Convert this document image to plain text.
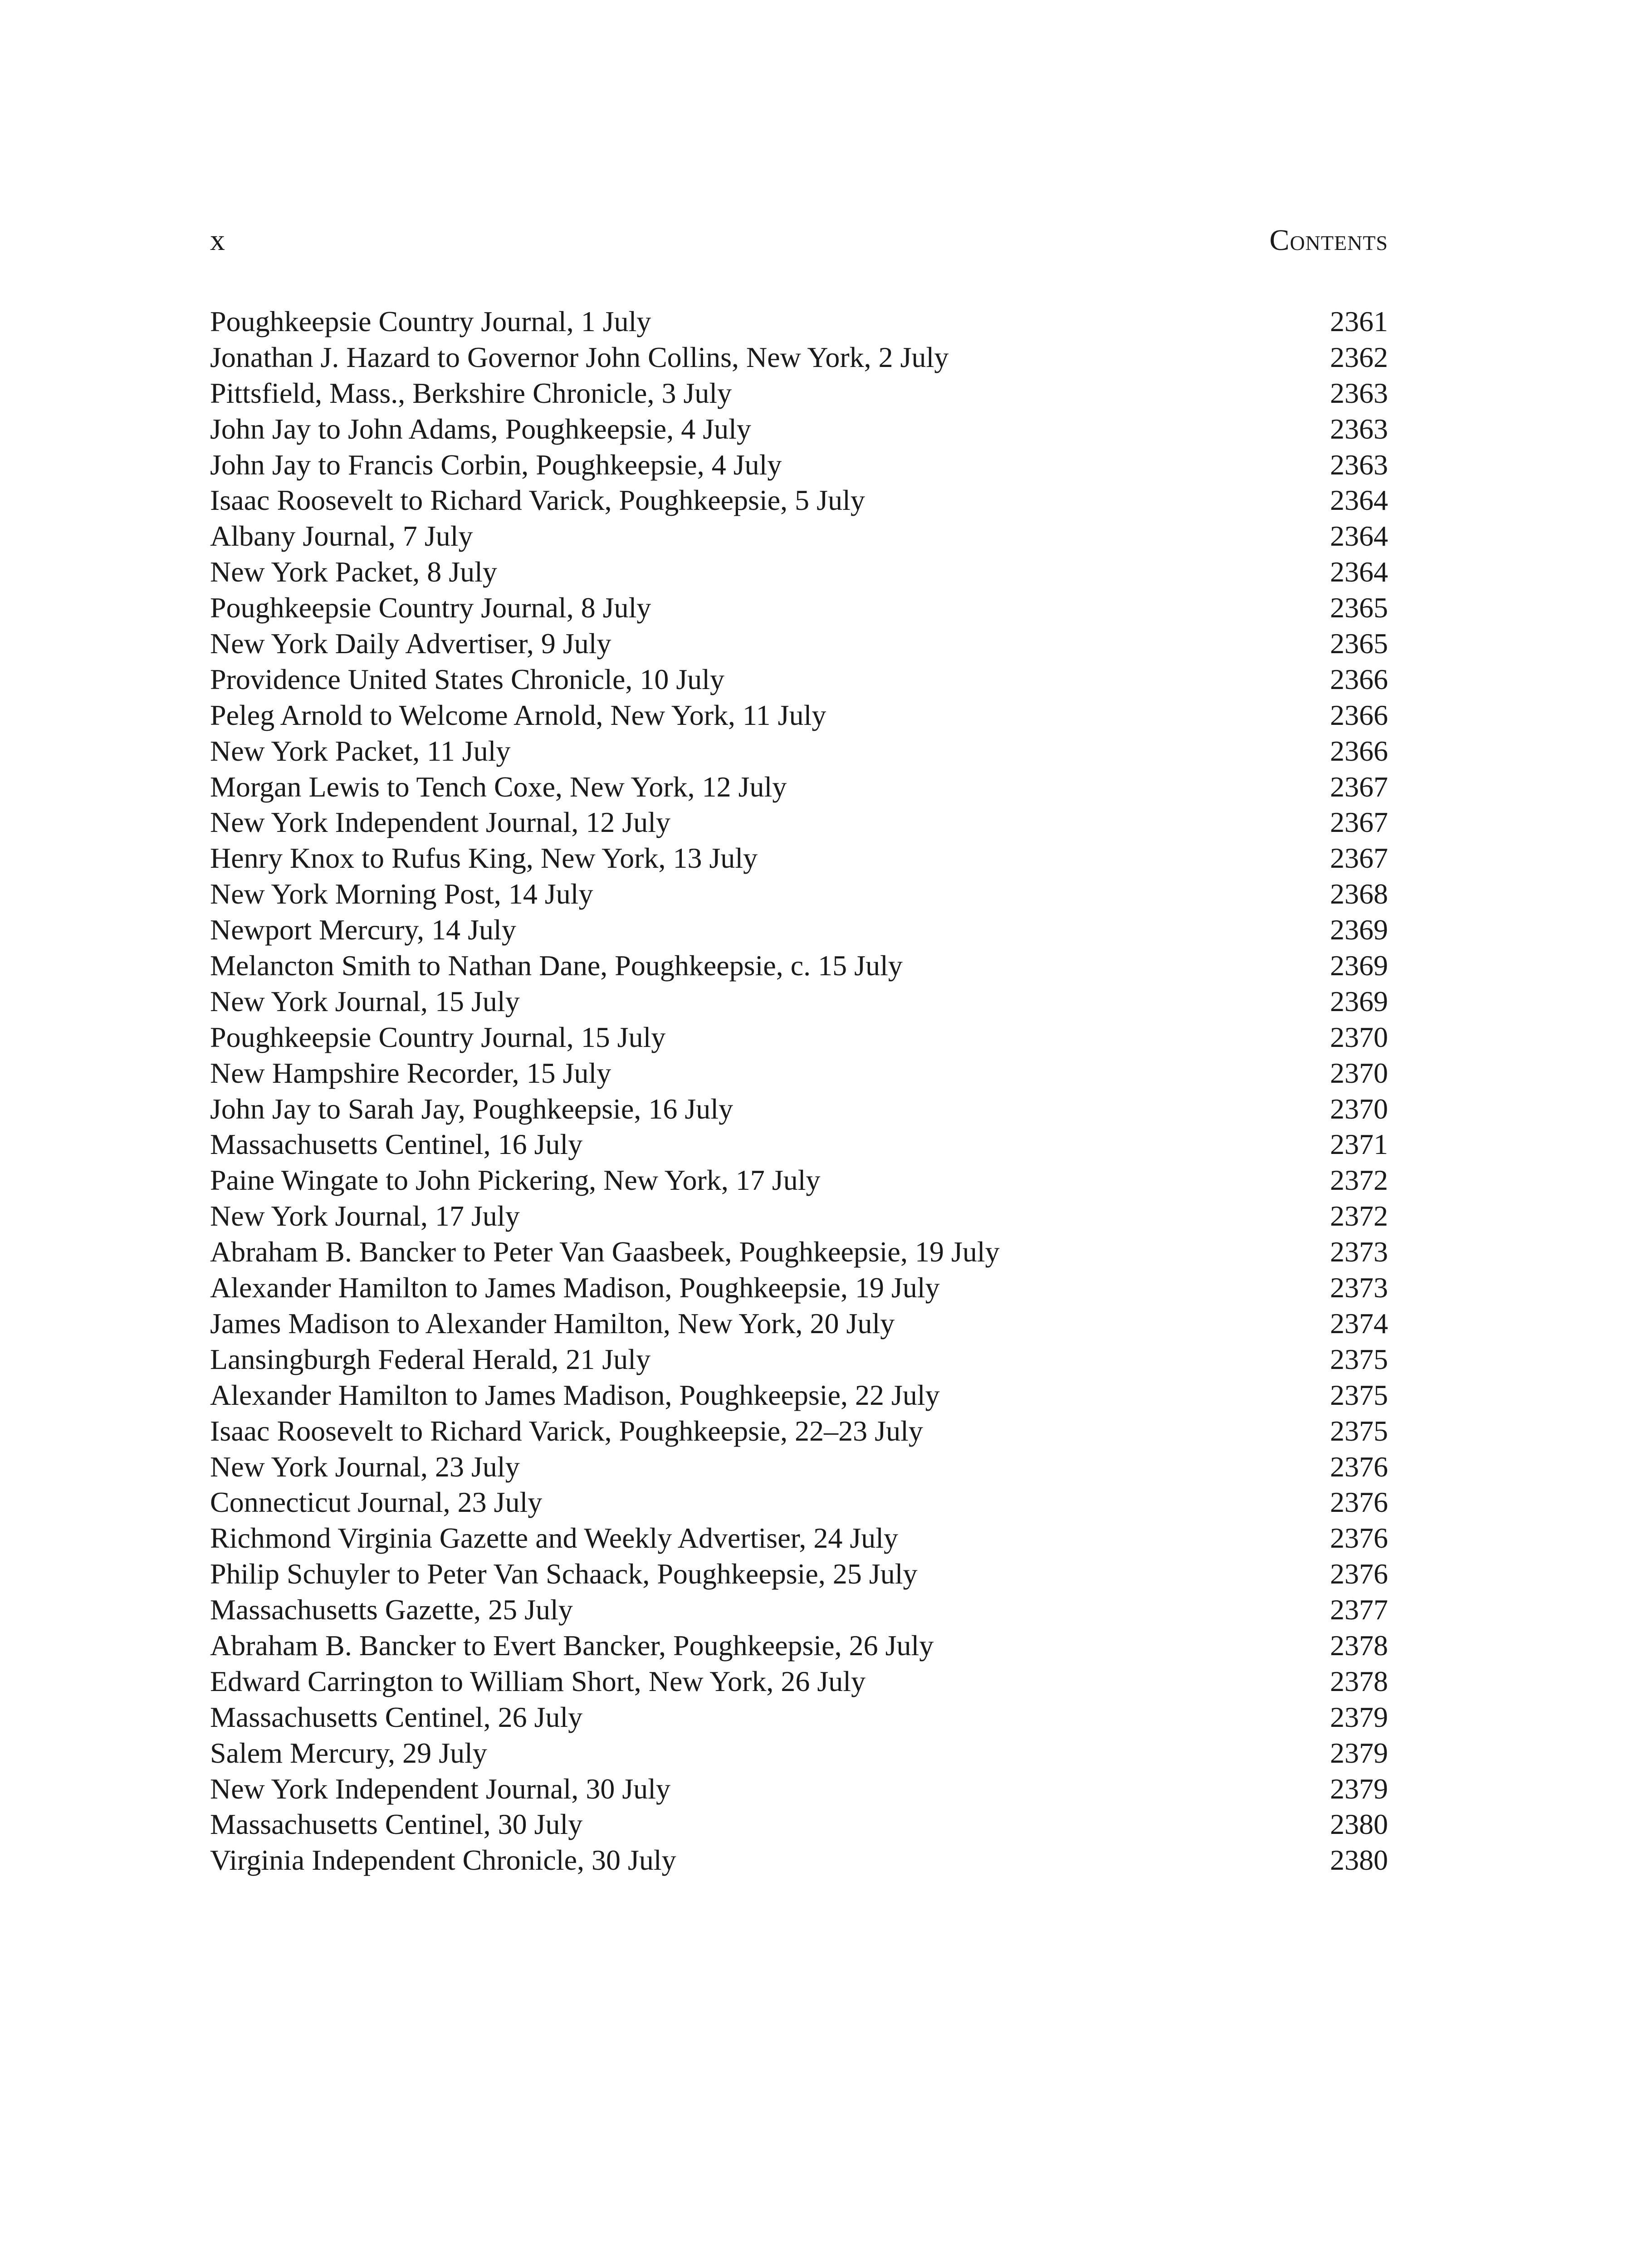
x	Contents
Poughkeepsie Country Journal, 1 July	2361
Jonathan J. Hazard to Governor John Collins, New York, 2 July	2362
Pittsfield, Mass., Berkshire Chronicle, 3 July	2363
John Jay to John Adams, Poughkeepsie, 4 July	2363
John Jay to Francis Corbin, Poughkeepsie, 4 July	2363
Isaac Roosevelt to Richard Varick, Poughkeepsie, 5 July	2364
Albany Journal, 7 July	2364
New York Packet, 8 July	2364
Poughkeepsie Country Journal, 8 July	2365
New York Daily Advertiser, 9 July	2365
Providence United States Chronicle, 10 July	2366
Peleg Arnold to Welcome Arnold, New York, 11 July	2366
New York Packet, 11 July	2366
Morgan Lewis to Tench Coxe, New York, 12 July	2367
New York Independent Journal, 12 July	2367
Henry Knox to Rufus King, New York, 13 July	2367
New York Morning Post, 14 July	2368
Newport Mercury, 14 July	2369
Melancton Smith to Nathan Dane, Poughkeepsie, c. 15 July	2369
New York Journal, 15 July	2369
Poughkeepsie Country Journal, 15 July	2370
New Hampshire Recorder, 15 July	2370
John Jay to Sarah Jay, Poughkeepsie, 16 July	2370
Massachusetts Centinel, 16 July	2371
Paine Wingate to John Pickering, New York, 17 July	2372
New York Journal, 17 July	2372
Abraham B. Bancker to Peter Van Gaasbeek, Poughkeepsie, 19 July	2373
Alexander Hamilton to James Madison, Poughkeepsie, 19 July	2373
James Madison to Alexander Hamilton, New York, 20 July	2374
Lansingburgh Federal Herald, 21 July	2375
Alexander Hamilton to James Madison, Poughkeepsie, 22 July	2375
Isaac Roosevelt to Richard Varick, Poughkeepsie, 22–23 July	2375
New York Journal, 23 July	2376
Connecticut Journal, 23 July	2376
Richmond Virginia Gazette and Weekly Advertiser, 24 July	2376
Philip Schuyler to Peter Van Schaack, Poughkeepsie, 25 July	2376
Massachusetts Gazette, 25 July	2377
Abraham B. Bancker to Evert Bancker, Poughkeepsie, 26 July	2378
Edward Carrington to William Short, New York, 26 July	2378
Massachusetts Centinel, 26 July	2379
Salem Mercury, 29 July	2379
New York Independent Journal, 30 July	2379
Massachusetts Centinel, 30 July	2380
Virginia Independent Chronicle, 30 July	2380
